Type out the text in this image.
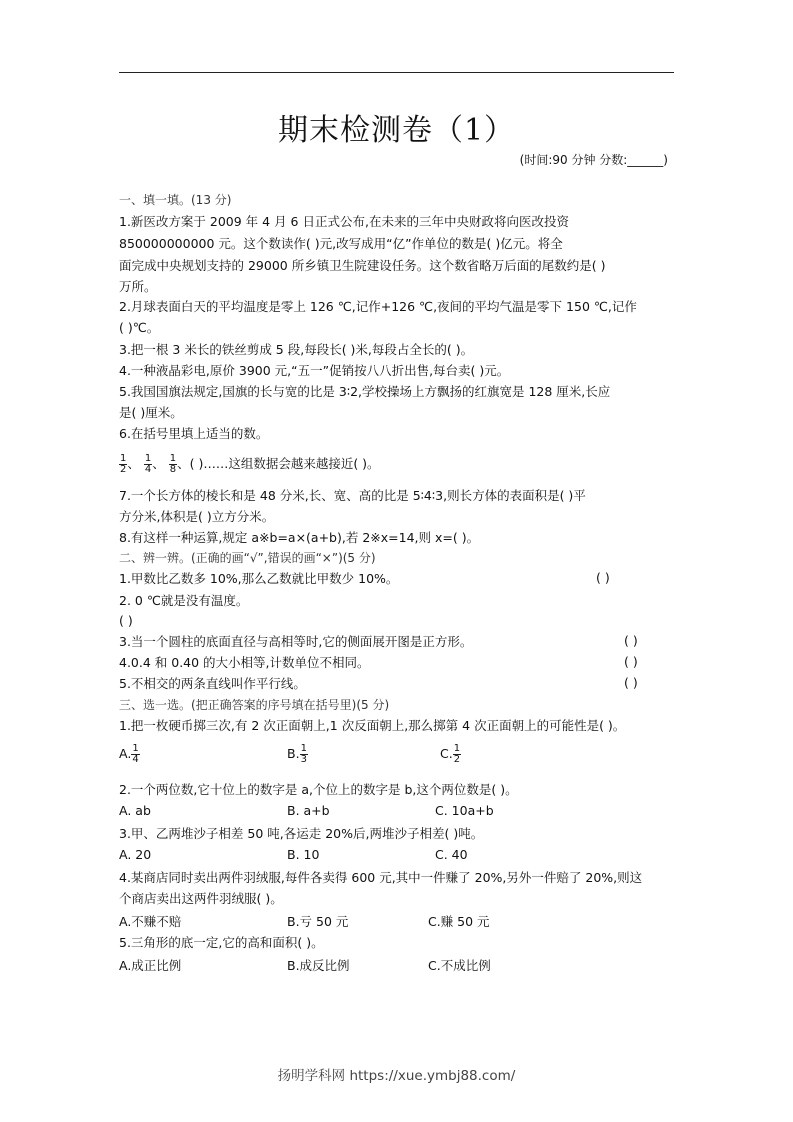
期末检测卷（1）
(时间:90 分钟 分数:______)
一、填一填。(13 分)
1.新医改方案于 2009 年 4 月 6 日正式公布,在未来的三年中央财政将向医改投资
850000000000 元。这个数读作( )元,改写成用“亿”作单位的数是( )亿元。将全
面完成中央规划支持的 29000 所乡镇卫生院建设任务。这个数省略万后面的尾数约是( )
万所。
2.月球表面白天的平均温度是零上 126 ℃,记作+126 ℃,夜间的平均气温是零下 150 ℃,记作
( )℃。
3.把一根 3 米长的铁丝剪成 5 段,每段长( )米,每段占全长的( )。
4.一种液晶彩电,原价 3900 元,“五一”促销按八八折出售,每台卖( )元。
5.我国国旗法规定,国旗的长与宽的比是 3∶2,学校操场上方飘扬的红旗宽是 128 厘米,长应
是( )厘米。
6.在括号里填上适当的数。
$\frac{1}{2}$ 、 $\frac{1}{4}$ 、 $\frac{1}{8}$ 、( )……这组数据会越来越接近( )。
7.一个长方体的棱长和是 48 分米,长、宽、高的比是 5∶4∶3,则长方体的表面积是( )平
方分米,体积是( )立方分米。
8.有这样一种运算,规定 a※b=a×(a+b),若 2※x=14,则 x=( )。
二、辨一辨。(正确的画“√”,错误的画“×”)(5 分)
1.甲数比乙数多 10%,那么乙数就比甲数少 10%。	( )
2. 0 ℃就是没有温度。
( )
3.当一个圆柱的底面直径与高相等时,它的侧面展开图是正方形。	( )
4.0.4 和 0.40 的大小相等,计数单位不相同。	( )
5.不相交的两条直线叫作平行线。	( )
三、选一选。(把正确答案的序号填在括号里)(5 分)
1.把一枚硬币掷三次,有 2 次正面朝上,1 次反面朝上,那么掷第 4 次正面朝上的可能性是( )。
A. $\frac{1}{4}$	B. $\frac{1}{3}$	C. $\frac{1}{2}$
2.一个两位数,它十位上的数字是 a,个位上的数字是 b,这个两位数是( )。
A. ab	B. a+b	C. 10a+b
3.甲、乙两堆沙子相差 50 吨,各运走 20%后,两堆沙子相差( )吨。
A. 20	B. 10	C. 40
4.某商店同时卖出两件羽绒服,每件各卖得 600 元,其中一件赚了 20%,另外一件赔了 20%,则这
个商店卖出这两件羽绒服( )。
A.不赚不赔	B.亏 50 元	C.赚 50 元
5.三角形的底一定,它的高和面积( )。
A.成正比例	B.成反比例	C.不成比例
扬明学科网 https://xue.ymbj88.com/
